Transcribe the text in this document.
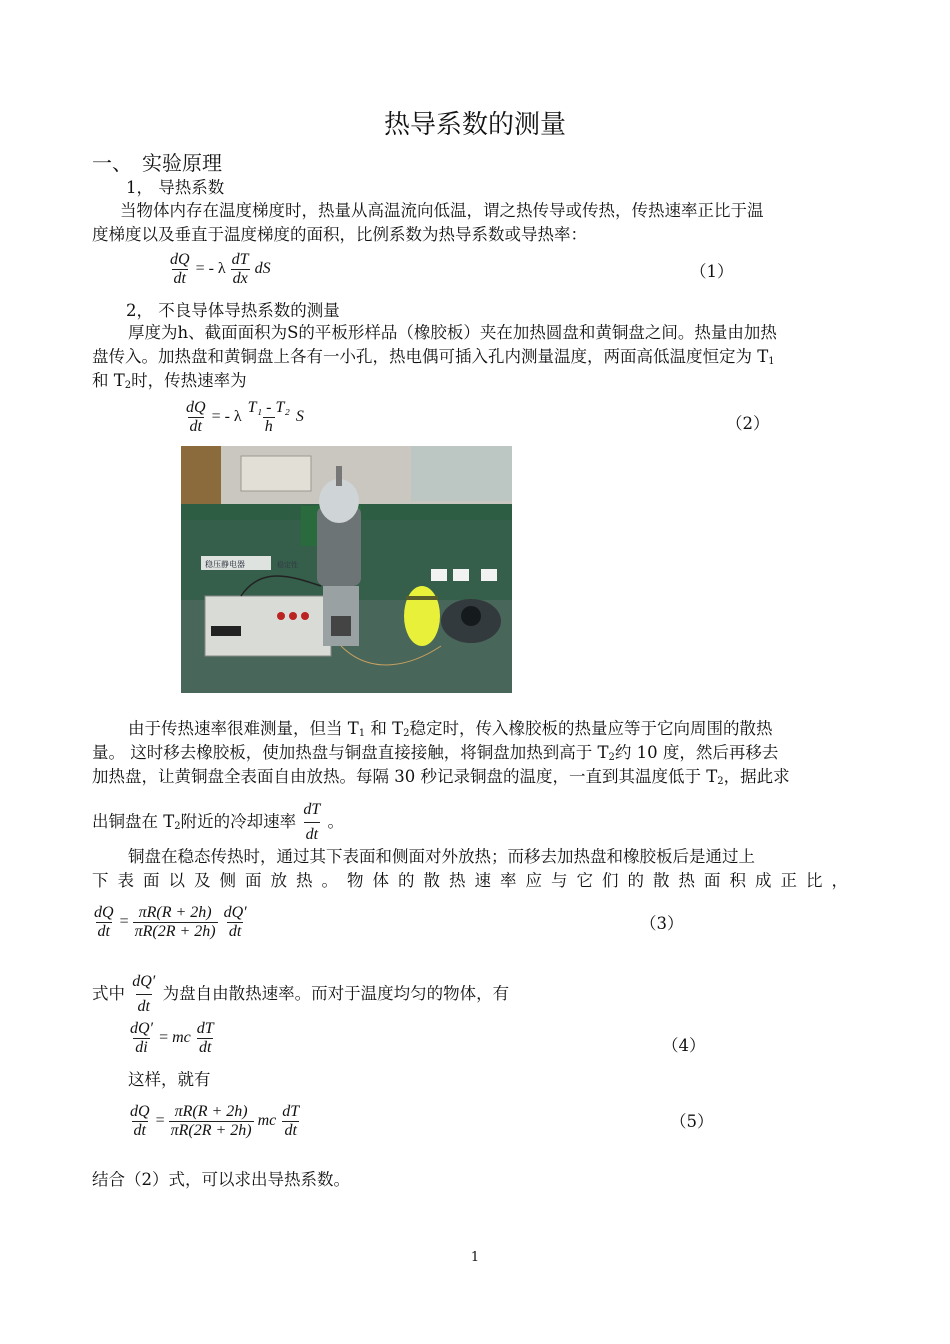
热导系数的测量
一、　实验原理
1， 导热系数
当物体内存在温度梯度时，热量从高温流向低温，谓之热传导或传热，传热速率正比于温
度梯度以及垂直于温度梯度的面积，比例系数为热导系数或导热率：
$\frac{dQ}{dt}$ = - λ $\frac{dT}{dx}$ dS	（1）
2， 不良导体导热系数的测量
厚度为h、截面面积为S的平板形样品（橡胶板）夹在加热圆盘和黄铜盘之间。热量由加热
盘传入。加热盘和黄铜盘上各有一小孔，热电偶可插入孔内测量温度，两面高低温度恒定为 $T_1$
和 $T_2$时，传热速率为
$\frac{dQ}{dt}$ = - λ $\frac{\text{T₁ - T₂}}{h}$ S	（2）
稳压静电器	稳定性
由于传热速率很难测量，但当 $T_1$ 和 $T_2$稳定时，传入橡胶板的热量应等于它向周围的散热
量。 这时移去橡胶板，使加热盘与铜盘直接接触，将铜盘加热到高于 $T_2$约 10 度，然后再移去
加热盘，让黄铜盘全表面自由放热。每隔 30 秒记录铜盘的温度，一直到其温度低于 $T_2$，据此求
出铜盘在 $T_2$附近的冷却速率 $\frac{dT}{dt}$ 。
铜盘在稳态传热时，通过其下表面和侧面对外放热；而移去加热盘和橡胶板后是通过上
下表面以及侧面放热。物体的散热速率应与它们的散热面积成正比，
$\frac{dQ}{dt} = \frac{\pi R(R + 2h)}{\pi R(2R + 2h)}$
$\frac{dQ'}{dt}$	（3）
式中 $\frac{dQ'}{dt}$ 为盘自由散热速率。而对于温度均匀的物体，有
$\frac{dQ'}{di}$ = mc $\frac{dT}{dt}$	（4）
这样，就有
$\frac{dQ}{dt} = \frac{\pi R(R + 2h)}{\pi R(2R + 2h)}$ mc $\frac{dT}{dt}$	（5）
结合（2）式，可以求出导热系数。
1
